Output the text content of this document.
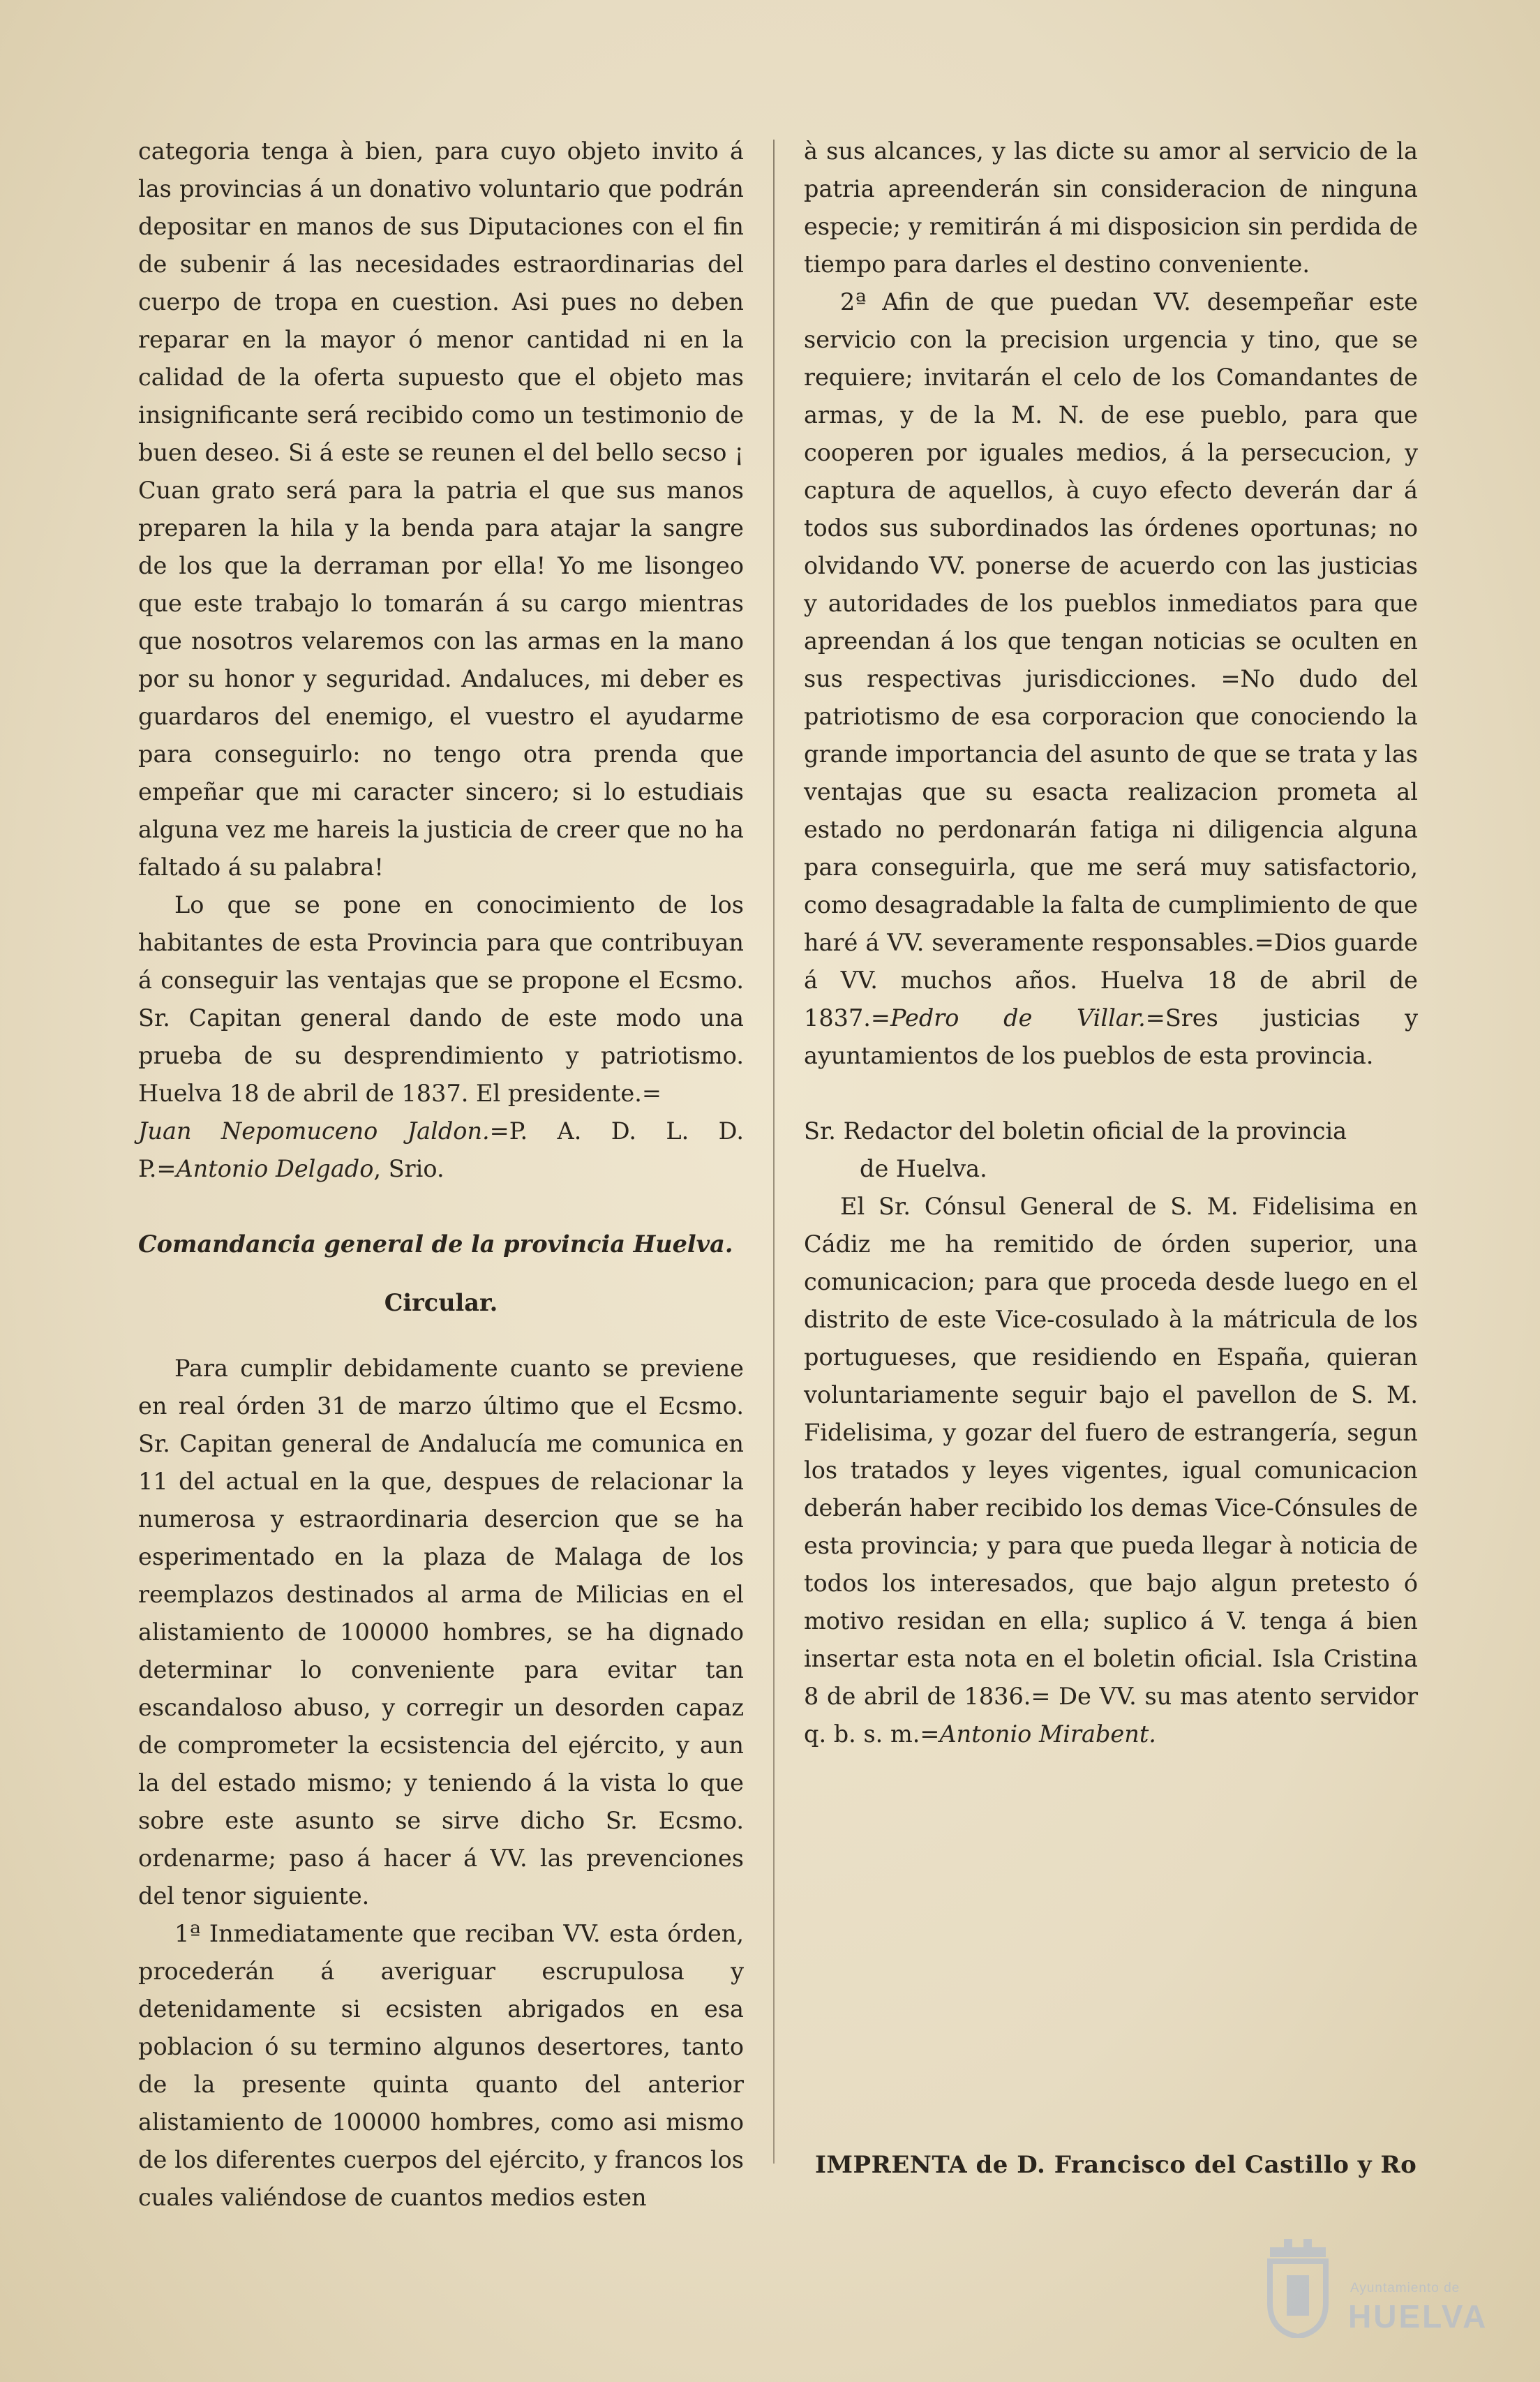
categoria tenga à bien, para cuyo objeto invito á las provincias á un donativo voluntario que podrán depositar en manos de sus Diputaciones con el fin de subenir á las necesidades estraordinarias del cuerpo de tropa en cuestion. Asi pues no deben reparar en la mayor ó menor cantidad ni en la calidad de la oferta supuesto que el objeto mas insignificante será recibido como un testimonio de buen deseo. Si á este se reunen el del bello secso ¡ Cuan grato será para la patria el que sus manos preparen la hila y la benda para atajar la sangre de los que la derraman por ella! Yo me lisongeo que este trabajo lo tomarán á su cargo mientras que nosotros velaremos con las armas en la mano por su honor y seguridad. Andaluces, mi deber es guardaros del enemigo, el vuestro el ayudarme para conseguirlo: no tengo otra prenda que empeñar que mi caracter sincero; si lo estudiais alguna vez me hareis la justicia de creer que no ha faltado á su palabra!

Lo que se pone en conocimiento de los habitantes de esta Provincia para que contribuyan á conseguir las ventajas que se propone el Ecsmo. Sr. Capitan general dando de este modo una prueba de su desprendimiento y patriotismo. Huelva 18 de abril de 1837. El presidente.=

Juan Nepomuceno Jaldon.=P. A. D. L. D. P.=Antonio Delgado, Srio.

Comandancia general de la provincia Huelva.

Circular.

Para cumplir debidamente cuanto se previene en real órden 31 de marzo último que el Ecsmo. Sr. Capitan general de Andalucía me comunica en 11 del actual en la que, despues de relacionar la numerosa y estraordinaria desercion que se ha esperimentado en la plaza de Malaga de los reemplazos destinados al arma de Milicias en el alistamiento de 100000 hombres, se ha dignado determinar lo conveniente para evitar tan escandaloso abuso, y corregir un desorden capaz de comprometer la ecsistencia del ejército, y aun la del estado mismo; y teniendo á la vista lo que sobre este asunto se sirve dicho Sr. Ecsmo. ordenarme; paso á hacer á VV. las prevenciones del tenor siguiente.

1ª Inmediatamente que reciban VV. esta órden, procederán á averiguar escrupulosa y detenidamente si ecsisten abrigados en esa poblacion ó su termino algunos desertores, tanto de la presente quinta quanto del anterior alistamiento de 100000 hombres, como asi mismo de los diferentes cuerpos del ejército, y francos los cuales valiéndose de cuantos medios esten

à sus alcances, y las dicte su amor al servicio de la patria apreenderán sin consideracion de ninguna especie; y remitirán á mi disposicion sin perdida de tiempo para darles el destino conveniente.

2ª Afin de que puedan VV. desempeñar este servicio con la precision urgencia y tino, que se requiere; invitarán el celo de los Comandantes de armas, y de la M. N. de ese pueblo, para que cooperen por iguales medios, á la persecucion, y captura de aquellos, à cuyo efecto deverán dar á todos sus subordinados las órdenes oportunas; no olvidando VV. ponerse de acuerdo con las justicias y autoridades de los pueblos inmediatos para que apreendan á los que tengan noticias se oculten en sus respectivas jurisdicciones. =No dudo del patriotismo de esa corporacion que conociendo la grande importancia del asunto de que se trata y las ventajas que su esacta realizacion prometa al estado no perdonarán fatiga ni diligencia alguna para conseguirla, que me será muy satisfactorio, como desagradable la falta de cumplimiento de que haré á VV. severamente responsables.=Dios guarde á VV. muchos años. Huelva 18 de abril de 1837.=Pedro de Villar.=Sres justicias y ayuntamientos de los pueblos de esta provincia.

Sr. Redactor del boletin oficial de la provincia

de Huelva.

El Sr. Cónsul General de S. M. Fidelisima en Cádiz me ha remitido de órden superior, una comunicacion; para que proceda desde luego en el distrito de este Vice-cosulado à la mátricula de los portugueses, que residiendo en España, quieran voluntariamente seguir bajo el pavellon de S. M. Fidelisima, y gozar del fuero de estrangería, segun los tratados y leyes vigentes, igual comunicacion deberán haber recibido los demas Vice-Cónsules de esta provincia; y para que pueda llegar à noticia de todos los interesados, que bajo algun pretesto ó motivo residan en ella; suplico á V. tenga á bien insertar esta nota en el boletin oficial. Isla Cristina 8 de abril de 1836.= De VV. su mas atento servidor q. b. s. m.=Antonio Mirabent.

IMPRENTA de D. Francisco del Castillo y Ro
Ayuntamiento de
HUELVA
